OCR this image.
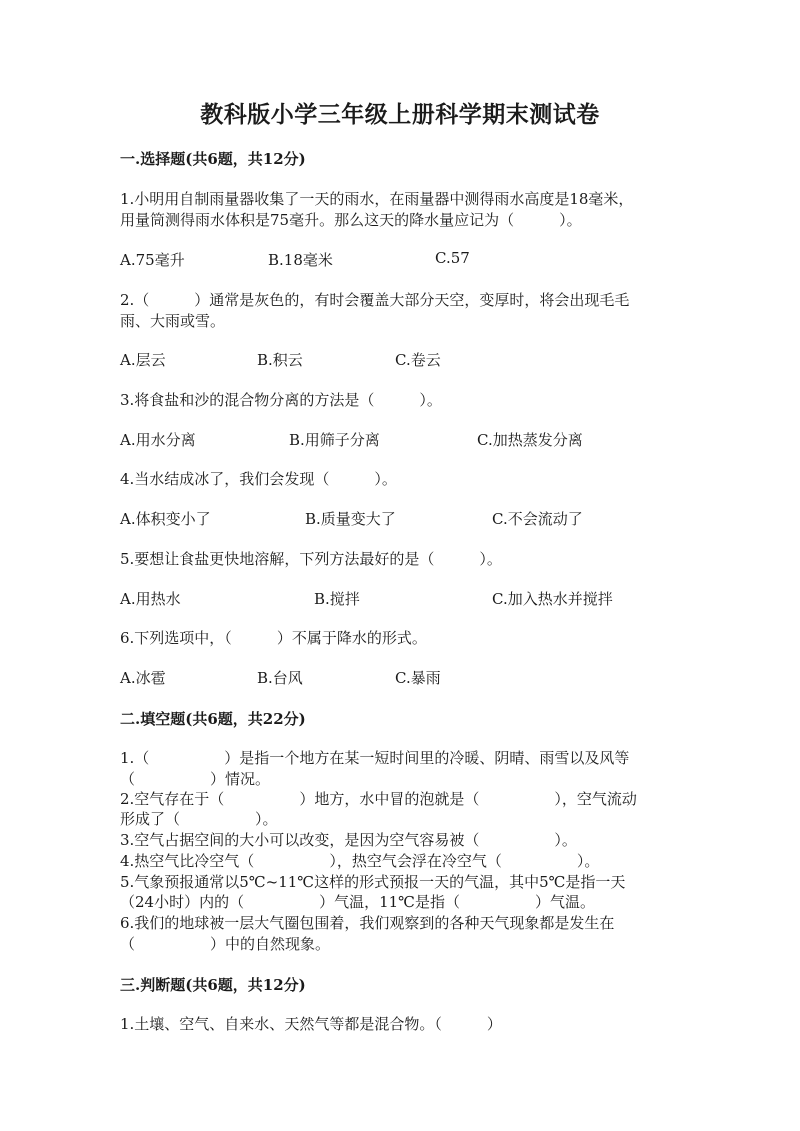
教科版小学三年级上册科学期末测试卷
一.选择题(共6题，共12分)
1.小明用自制雨量器收集了一天的雨水，在雨量器中测得雨水高度是18毫米，
用量筒测得雨水体积是75毫升。那么这天的降水量应记为（　　　）。
A.75毫升	B.18毫米	C.57
2.（　　　）通常是灰色的，有时会覆盖大部分天空，变厚时，将会出现毛毛
雨、大雨或雪。
A.层云	B.积云	C.卷云
3.将食盐和沙的混合物分离的方法是（　　　）。
A.用水分离	B.用筛子分离	C.加热蒸发分离
4.当水结成冰了，我们会发现（　　　）。
A.体积变小了	B.质量变大了	C.不会流动了
5.要想让食盐更快地溶解，下列方法最好的是（　　　）。
A.用热水	B.搅拌	C.加入热水并搅拌
6.下列选项中，（　　　）不属于降水的形式。
A.冰雹	B.台风	C.暴雨
二.填空题(共6题，共22分)
1.（　　　　　）是指一个地方在某一短时间里的冷暖、阴晴、雨雪以及风等
（　　　　　）情况。
2.空气存在于（　　　　　）地方，水中冒的泡就是（　　　　　），空气流动
形成了（　　　　　）。
3.空气占据空间的大小可以改变，是因为空气容易被（　　　　　）。
4.热空气比冷空气（　　　　　），热空气会浮在冷空气（　　　　　）。
5.气象预报通常以5℃~11℃这样的形式预报一天的气温，其中5℃是指一天
（24小时）内的（　　　　　）气温，11℃是指（　　　　　）气温。
6.我们的地球被一层大气圈包围着，我们观察到的各种天气现象都是发生在
（　　　　　）中的自然现象。
三.判断题(共6题，共12分)
1.土壤、空气、自来水、天然气等都是混合物。（　　　）
